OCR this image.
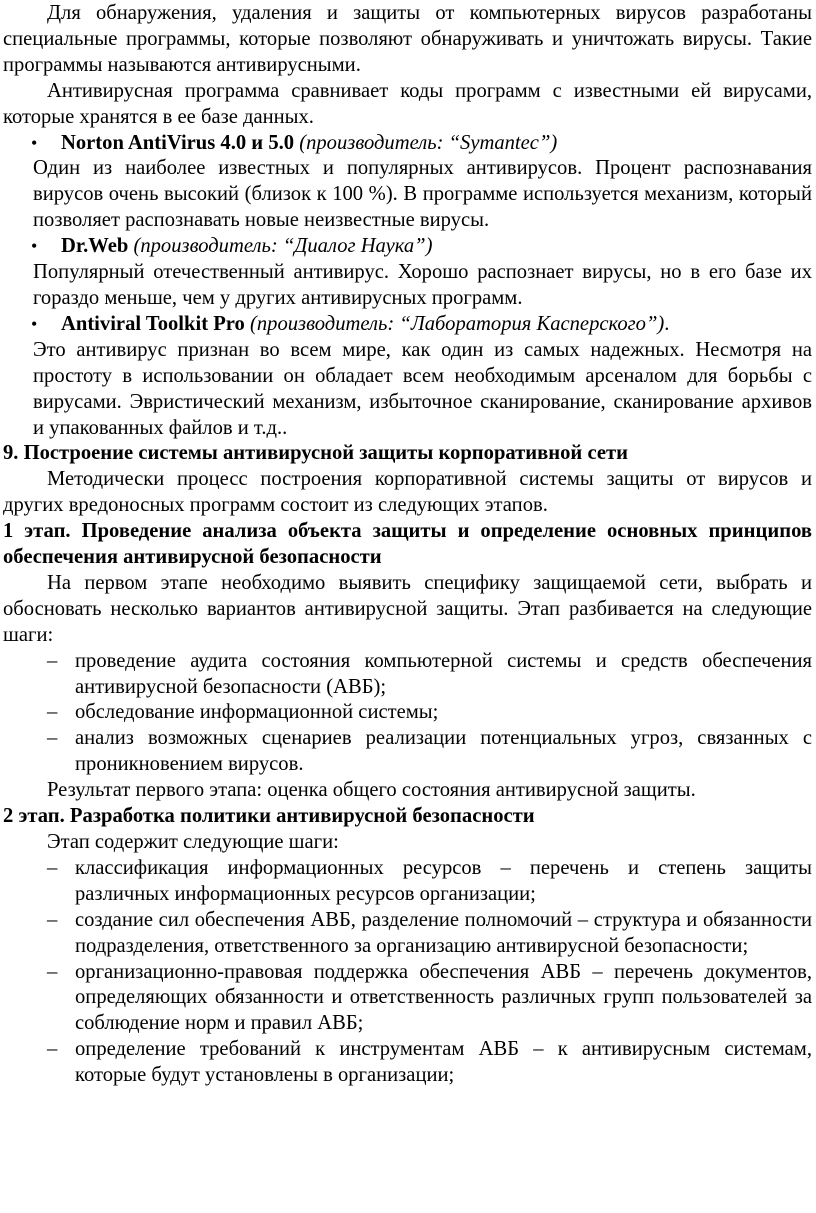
Для обнаружения, удаления и защиты от компьютерных вирусов разработаны специальные программы, которые позволяют обнаруживать и уничтожать вирусы. Такие программы называются антивирусными.

Антивирусная программа сравнивает коды программ с известными ей вирусами, которые хранятся в ее базе данных.

• Norton AntiVirus 4.0 и 5.0 (производитель: “Symantec”)

Один из наиболее известных и популярных антивирусов. Процент распознавания вирусов очень высокий (близок к 100 %). В программе используется механизм, который позволяет распознавать новые неизвестные вирусы.

• Dr.Web (производитель: “Диалог Наука”)

Популярный отечественный антивирус. Хорошо распознает вирусы, но в его базе их гораздо меньше, чем у других антивирусных программ.

• Antiviral Toolkit Pro (производитель: “Лаборатория Касперского”).

Это антивирус признан во всем мире, как один из самых надежных. Несмотря на простоту в использовании он обладает всем необходимым арсеналом для борьбы с вирусами. Эвристический механизм, избыточное сканирование, сканирование архивов и упакованных файлов и т.д..

9. Построение системы антивирусной защиты корпоративной сети

Методически процесс построения корпоративной системы защиты от вирусов и других вредоносных программ состоит из следующих этапов.

1 этап. Проведение анализа объекта защиты и определение основных принципов обеспечения антивирусной безопасности

На первом этапе необходимо выявить специфику защищаемой сети, выбрать и обосновать несколько вариантов антивирусной защиты. Этап разбивается на следующие шаги:

– проведение аудита состояния компьютерной системы и средств обеспечения антивирусной безопасности (АВБ);

– обследование информационной системы;

– анализ возможных сценариев реализации потенциальных угроз, связанных с проникновением вирусов.

Результат первого этапа: оценка общего состояния антивирусной защиты.

2 этап. Разработка политики антивирусной безопасности

Этап содержит следующие шаги:

– классификация информационных ресурсов – перечень и степень защиты различных информационных ресурсов организации;

– создание сил обеспечения АВБ, разделение полномочий – структура и обязанности подразделения, ответственного за организацию антивирусной безопасности;

– организационно-правовая поддержка обеспечения АВБ – перечень документов, определяющих обязанности и ответственность различных групп пользователей за соблюдение норм и правил АВБ;

– определение требований к инструментам АВБ – к антивирусным системам, которые будут установлены в организации;
